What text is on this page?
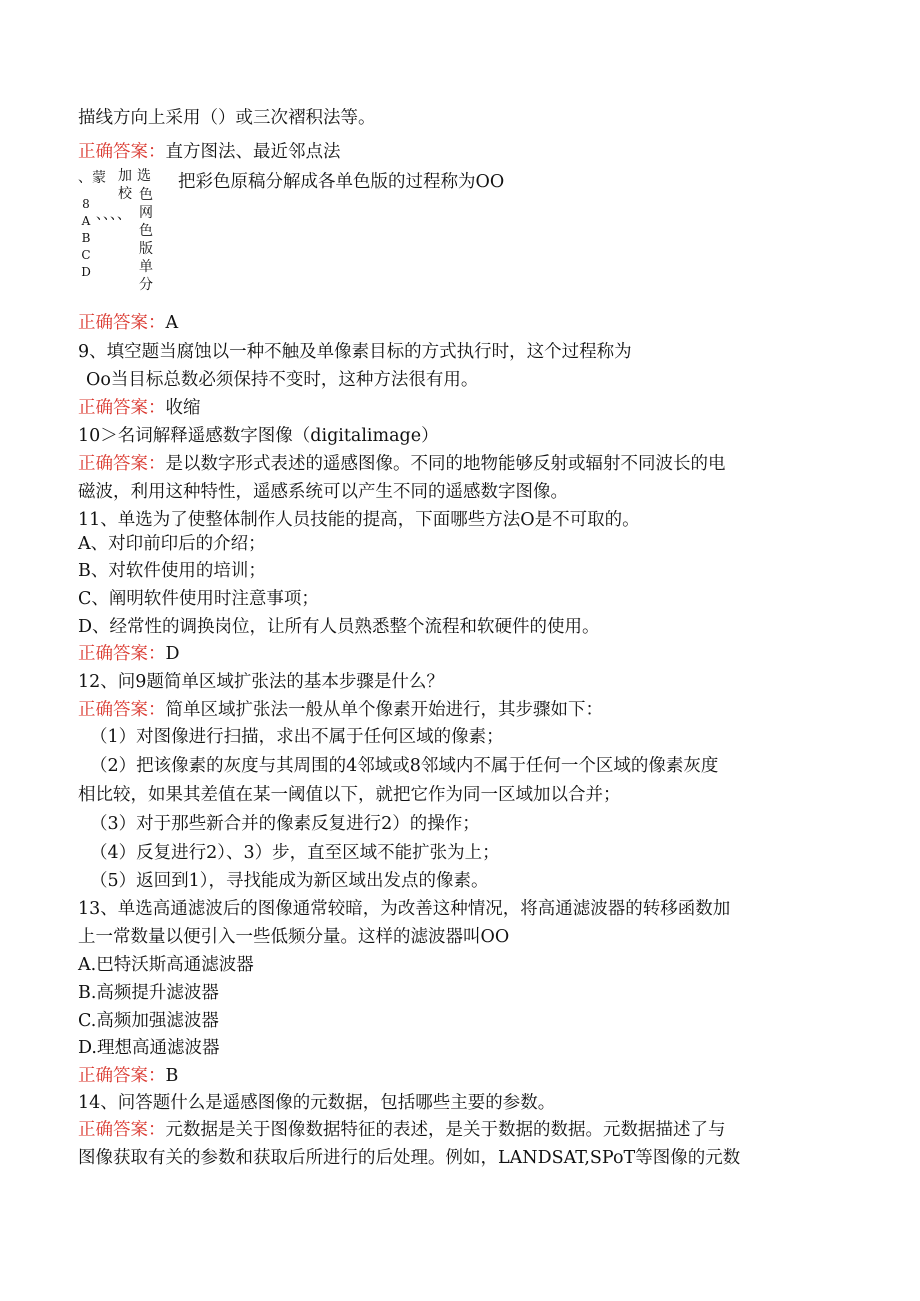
描线方向上采用（）或三次褶积法等。
正确答案：直方图法、最近邻点法
、蒙 加
校
选
8ABCD
、、、、
色网色版单分
把彩色原稿分解成各单色版的过程称为OO
正确答案：A
9、填空题当腐蚀以一种不触及单像素目标的方式执行时，这个过程称为
Oo当目标总数必须保持不变时，这种方法很有用。
正确答案：收缩
10＞名词解释遥感数字图像（digitalimage）
正确答案：是以数字形式表述的遥感图像。不同的地物能够反射或辐射不同波长的电
磁波，利用这种特性，遥感系统可以产生不同的遥感数字图像。
11、单选为了使整体制作人员技能的提高，下面哪些方法O是不可取的。
A、对印前印后的介绍；
B、对软件使用的培训；
C、阐明软件使用时注意事项；
D、经常性的调换岗位，让所有人员熟悉整个流程和软硬件的使用。
正确答案：D
12、问9题简单区域扩张法的基本步骤是什么？
正确答案：简单区域扩张法一般从单个像素开始进行，其步骤如下：
（1）对图像进行扫描，求出不属于任何区域的像素；
（2）把该像素的灰度与其周围的4邻域或8邻域内不属于任何一个区域的像素灰度
相比较，如果其差值在某一阈值以下，就把它作为同一区域加以合并；
（3）对于那些新合并的像素反复进行2）的操作；
（4）反复进行2）、3）步，直至区域不能扩张为上；
（5）返回到1），寻找能成为新区域出发点的像素。
13、单选高通滤波后的图像通常较暗，为改善这种情况，将高通滤波器的转移函数加
上一常数量以便引入一些低频分量。这样的滤波器叫OO
A.巴特沃斯高通滤波器
B.高频提升滤波器
C.高频加强滤波器
D.理想高通滤波器
正确答案：B
14、问答题什么是遥感图像的元数据，包括哪些主要的参数。
正确答案：元数据是关于图像数据特征的表述，是关于数据的数据。元数据描述了与
图像获取有关的参数和获取后所进行的后处理。例如，LANDSAT,SPoT等图像的元数
